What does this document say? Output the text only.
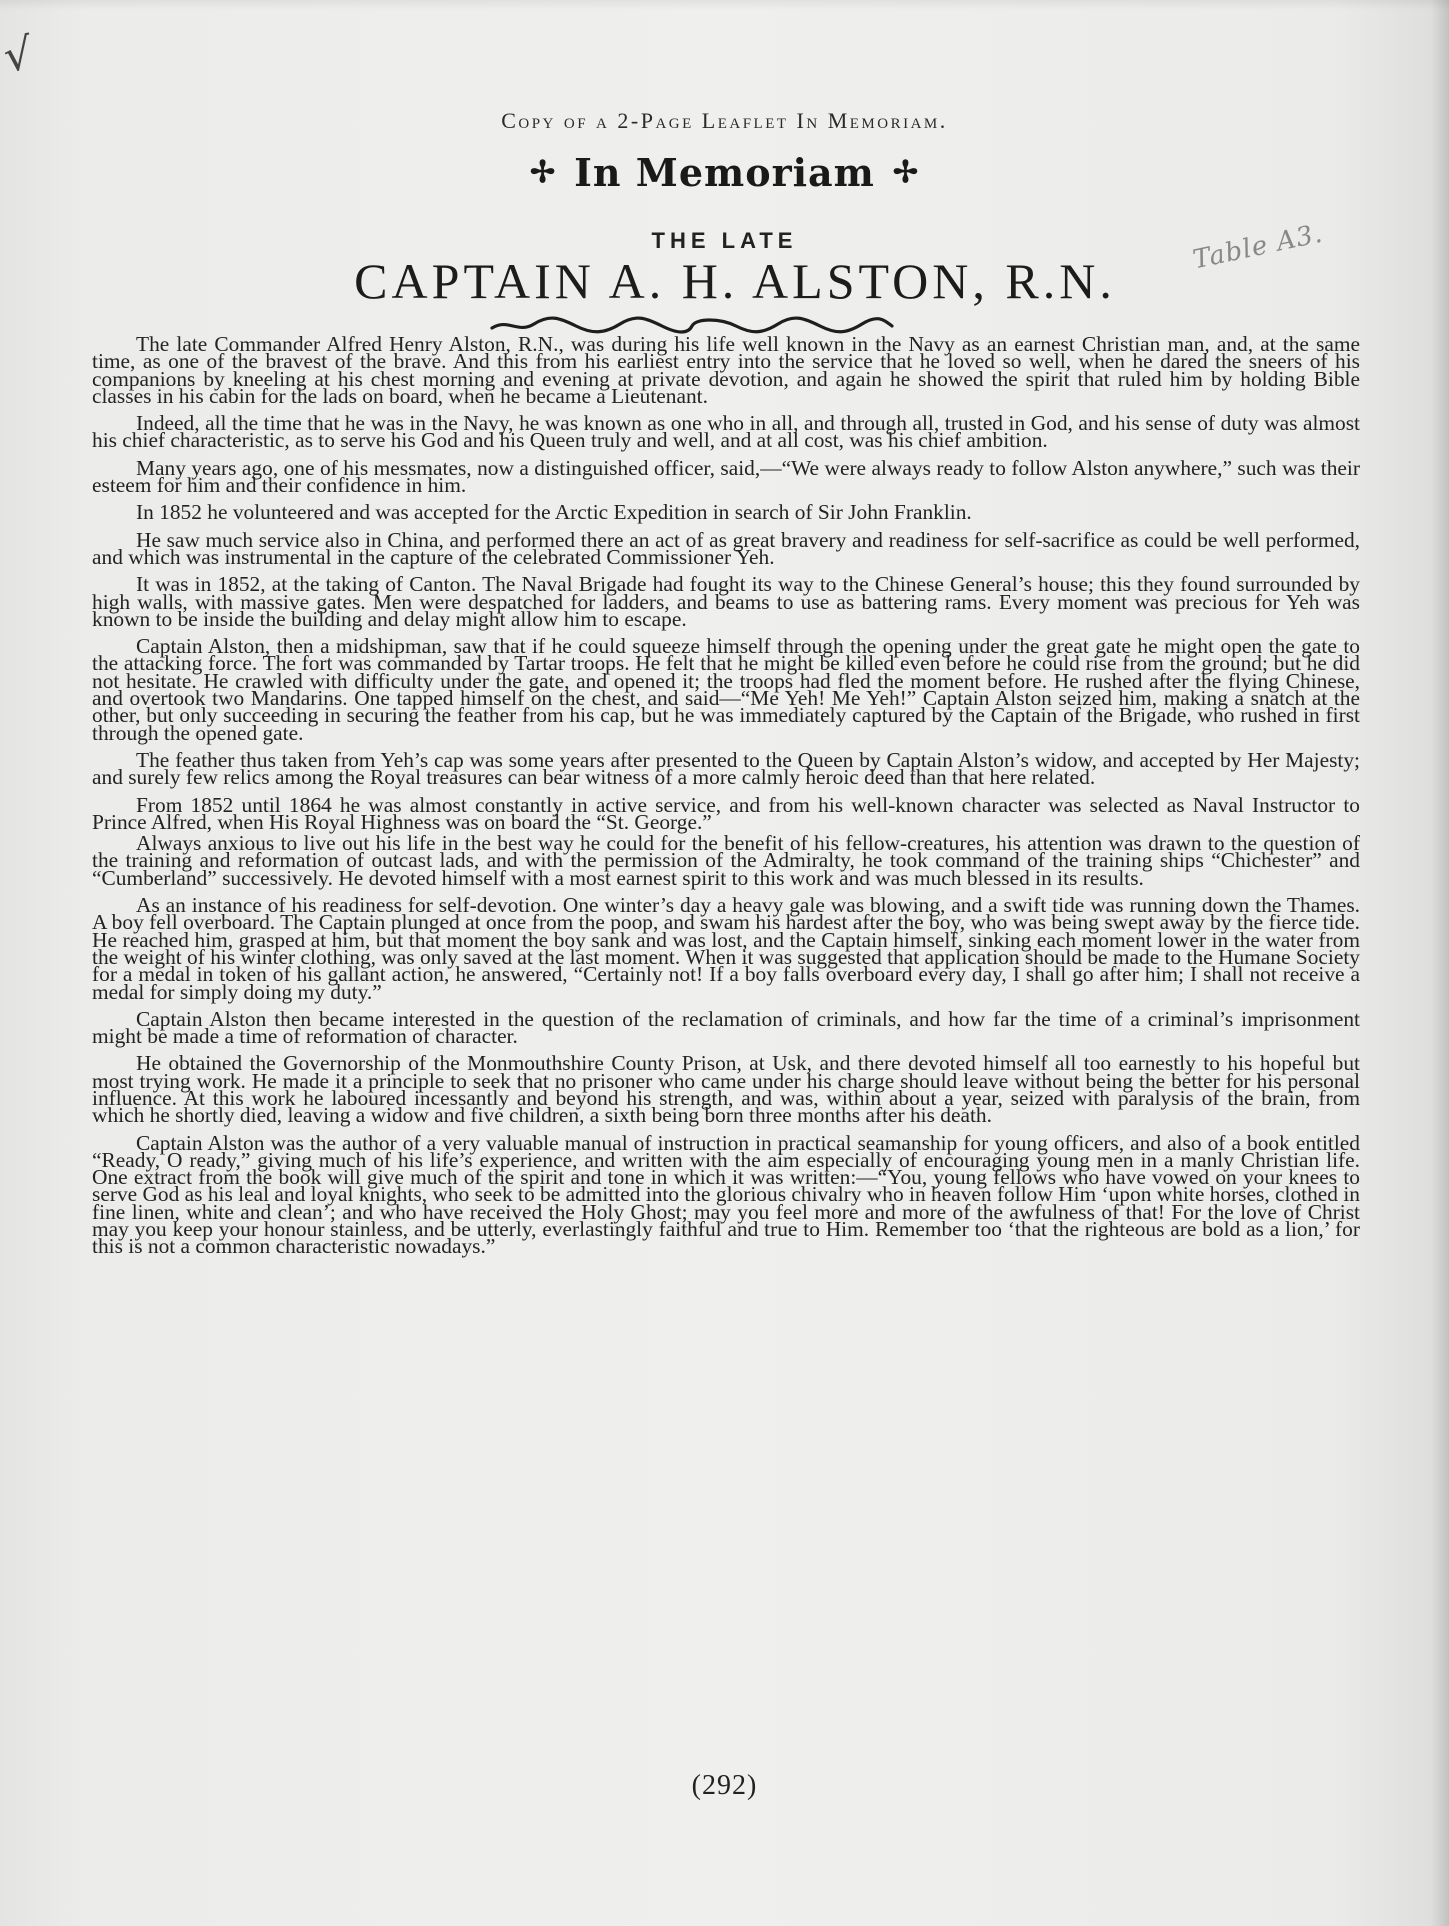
√
Table A3.
Copy of a 2-Page Leaflet In Memoriam.
✢ In Memoriam ✢
THE LATE
CAPTAIN A. H. ALSTON, R.N.

The late Commander Alfred Henry Alston, R.N., was during his life well known in the Navy as an earnest Christian man, and, at the same time, as one of the bravest of the brave. And this from his earliest entry into the service that he loved so well, when he dared the sneers of his companions by kneeling at his chest morning and evening at private devotion, and again he showed the spirit that ruled him by holding Bible classes in his cabin for the lads on board, when he became a Lieutenant.

Indeed, all the time that he was in the Navy, he was known as one who in all, and through all, trusted in God, and his sense of duty was almost his chief characteristic, as to serve his God and his Queen truly and well, and at all cost, was his chief ambition.

Many years ago, one of his messmates, now a distinguished officer, said,—“We were always ready to follow Alston anywhere,” such was their esteem for him and their confidence in him.

In 1852 he volunteered and was accepted for the Arctic Expedition in search of Sir John Franklin.

He saw much service also in China, and performed there an act of as great bravery and readiness for self-sacrifice as could be well performed, and which was instrumental in the capture of the celebrated Commissioner Yeh.

It was in 1852, at the taking of Canton. The Naval Brigade had fought its way to the Chinese General’s house; this they found surrounded by high walls, with massive gates. Men were despatched for ladders, and beams to use as battering rams. Every moment was precious for Yeh was known to be inside the building and delay might allow him to escape.

Captain Alston, then a midshipman, saw that if he could squeeze himself through the opening under the great gate he might open the gate to the attacking force. The fort was commanded by Tartar troops. He felt that he might be killed even before he could rise from the ground; but he did not hesitate. He crawled with difficulty under the gate, and opened it; the troops had fled the moment before. He rushed after the flying Chinese, and overtook two Mandarins. One tapped himself on the chest, and said—“Me Yeh! Me Yeh!” Captain Alston seized him, making a snatch at the other, but only succeeding in securing the feather from his cap, but he was immediately captured by the Captain of the Brigade, who rushed in first through the opened gate.

The feather thus taken from Yeh’s cap was some years after presented to the Queen by Captain Alston’s widow, and accepted by Her Majesty; and surely few relics among the Royal treasures can bear witness of a more calmly heroic deed than that here related.

From 1852 until 1864 he was almost constantly in active service, and from his well-known character was selected as Naval Instructor to Prince Alfred, when His Royal Highness was on board the “St. George.”

Always anxious to live out his life in the best way he could for the benefit of his fellow-creatures, his attention was drawn to the question of the training and reformation of outcast lads, and with the permission of the Admiralty, he took command of the training ships “Chichester” and “Cumberland” successively. He devoted himself with a most earnest spirit to this work and was much blessed in its results.

As an instance of his readiness for self-devotion. One winter’s day a heavy gale was blowing, and a swift tide was running down the Thames. A boy fell overboard. The Captain plunged at once from the poop, and swam his hardest after the boy, who was being swept away by the fierce tide. He reached him, grasped at him, but that moment the boy sank and was lost, and the Captain himself, sinking each moment lower in the water from the weight of his winter clothing, was only saved at the last moment. When it was suggested that application should be made to the Humane Society for a medal in token of his gallant action, he answered, “Certainly not! If a boy falls overboard every day, I shall go after him; I shall not receive a medal for simply doing my duty.”

Captain Alston then became interested in the question of the reclamation of criminals, and how far the time of a criminal’s imprisonment might be made a time of reformation of character.

He obtained the Governorship of the Monmouthshire County Prison, at Usk, and there devoted himself all too earnestly to his hopeful but most trying work. He made it a principle to seek that no prisoner who came under his charge should leave without being the better for his personal influence. At this work he laboured incessantly and beyond his strength, and was, within about a year, seized with paralysis of the brain, from which he shortly died, leaving a widow and five children, a sixth being born three months after his death.

Captain Alston was the author of a very valuable manual of instruction in practical seamanship for young officers, and also of a book entitled “Ready, O ready,” giving much of his life’s experience, and written with the aim especially of encouraging young men in a manly Christian life. One extract from the book will give much of the spirit and tone in which it was written:—“You, young fellows who have vowed on your knees to serve God as his leal and loyal knights, who seek to be admitted into the glorious chivalry who in heaven follow Him ‘upon white horses, clothed in fine linen, white and clean’; and who have received the Holy Ghost; may you feel more and more of the awfulness of that! For the love of Christ may you keep your honour stainless, and be utterly, everlastingly faithful and true to Him. Remember too ‘that the righteous are bold as a lion,’ for this is not a common characteristic nowadays.”

(292)
